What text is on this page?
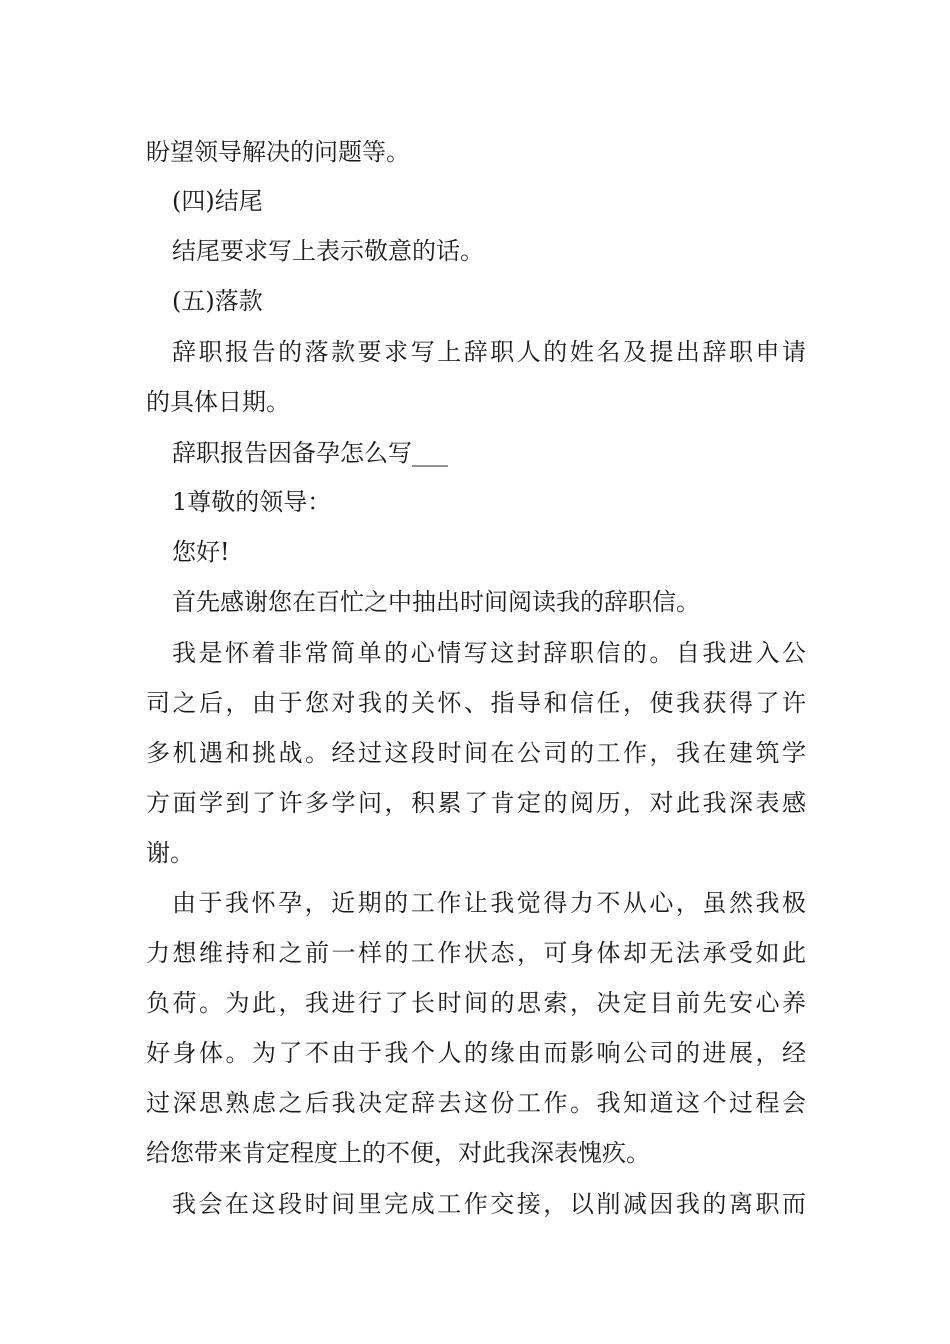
盼望领导解决的问题等。
(四)结尾
结尾要求写上表示敬意的话。
(五)落款
辞职报告的落款要求写上辞职人的姓名及提出辞职申请
的具体日期。
辞职报告因备孕怎么写___
1尊敬的领导：
您好!
首先感谢您在百忙之中抽出时间阅读我的辞职信。
我是怀着非常简单的心情写这封辞职信的。自我进入公
司之后，由于您对我的关怀、指导和信任，使我获得了许
多机遇和挑战。经过这段时间在公司的工作，我在建筑学
方面学到了许多学问，积累了肯定的阅历，对此我深表感
谢。
由于我怀孕，近期的工作让我觉得力不从心，虽然我极
力想维持和之前一样的工作状态，可身体却无法承受如此
负荷。为此，我进行了长时间的思索，决定目前先安心养
好身体。为了不由于我个人的缘由而影响公司的进展，经
过深思熟虑之后我决定辞去这份工作。我知道这个过程会
给您带来肯定程度上的不便，对此我深表愧疚。
我会在这段时间里完成工作交接，以削减因我的离职而
